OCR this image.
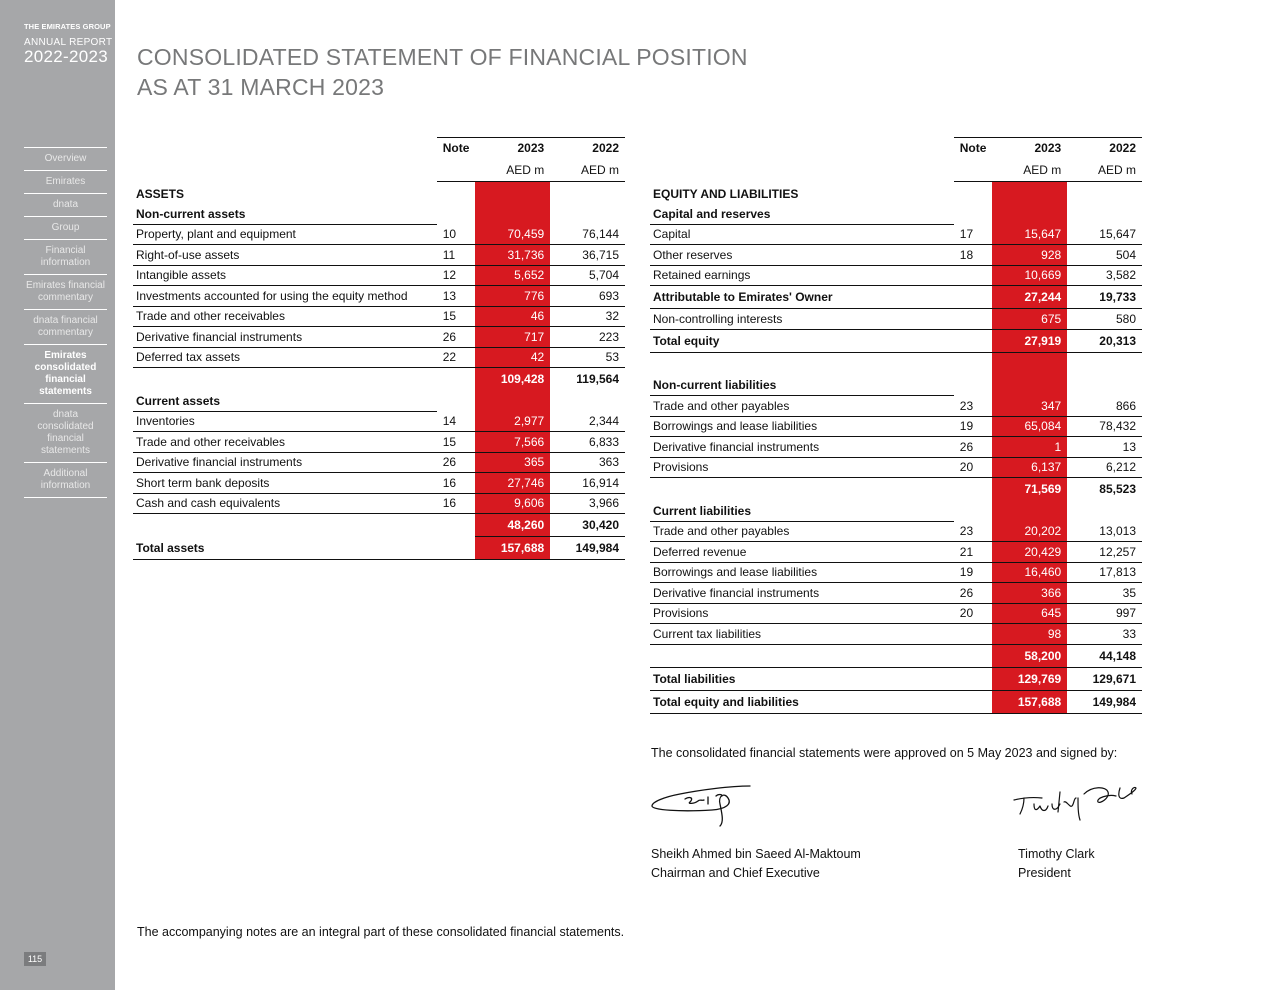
THE EMIRATES GROUP
ANNUAL REPORT
2022-2023
Overview
Emirates
dnata
Group
Financial information
Emirates financial commentary
dnata financial commentary
Emirates consolidated financial statements
dnata consolidated financial statements
Additional information
115
CONSOLIDATED STATEMENT OF FINANCIAL POSITION
AS AT 31 MARCH 2023
	Note	2023	2022
		AED m	AED m
ASSETS			
Non-current assets			
Property, plant and equipment	10	70,459	76,144
Right-of-use assets	11	31,736	36,715
Intangible assets	12	5,652	5,704
Investments accounted for using the equity method	13	776	693
Trade and other receivables	15	46	32
Derivative financial instruments	26	717	223
Deferred tax assets	22	42	53
		109,428	119,564
Current assets			
Inventories	14	2,977	2,344
Trade and other receivables	15	7,566	6,833
Derivative financial instruments	26	365	363
Short term bank deposits	16	27,746	16,914
Cash and cash equivalents	16	9,606	3,966
		48,260	30,420
Total assets		157,688	149,984
	Note	2023	2022
		AED m	AED m
EQUITY AND LIABILITIES			
Capital and reserves			
Capital	17	15,647	15,647
Other reserves	18	928	504
Retained earnings		10,669	3,582
Attributable to Emirates' Owner		27,244	19,733
Non-controlling interests		675	580
Total equity		27,919	20,313

Non-current liabilities			
Trade and other payables	23	347	866
Borrowings and lease liabilities	19	65,084	78,432
Derivative financial instruments	26	1	13
Provisions	20	6,137	6,212
		71,569	85,523
Current liabilities			
Trade and other payables	23	20,202	13,013
Deferred revenue	21	20,429	12,257
Borrowings and lease liabilities	19	16,460	17,813
Derivative financial instruments	26	366	35
Provisions	20	645	997
Current tax liabilities		98	33
		58,200	44,148
Total liabilities		129,769	129,671
Total equity and liabilities		157,688	149,984
The consolidated financial statements were approved on 5 May 2023 and signed by:
Sheikh Ahmed bin Saeed Al-Maktoum
Chairman and Chief Executive
Timothy Clark
President
The accompanying notes are an integral part of these consolidated financial statements.
